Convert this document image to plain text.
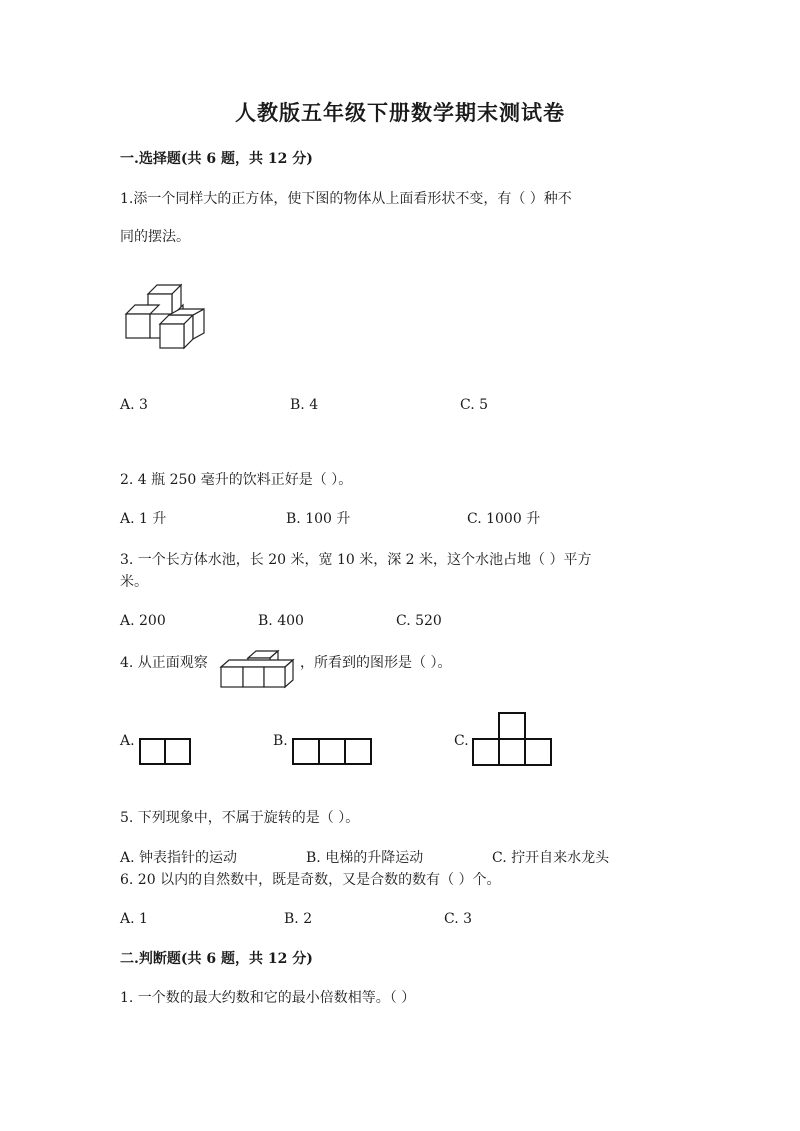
人教版五年级下册数学期末测试卷
一.选择题(共 6 题，共 12 分)
1.添一个同样大的正方体，使下图的物体从上面看形状不变，有（ ）种不
同的摆法。
A. 3	B. 4	C. 5
2. 4 瓶 250 毫升的饮料正好是（ ）。
A. 1 升	B. 100 升	C. 1000 升
3. 一个长方体水池，长 20 米，宽 10 米，深 2 米，这个水池占地（ ）平方
米。
A. 200	B. 400	C. 520
4. 从正面观察	，所看到的图形是（ ）。
A.	B.	C.
5. 下列现象中，不属于旋转的是（ ）。
A. 钟表指针的运动	B. 电梯的升降运动	C. 拧开自来水龙头
6. 20 以内的自然数中，既是奇数，又是合数的数有（ ）个。
A. 1	B. 2	C. 3
二.判断题(共 6 题，共 12 分)
1. 一个数的最大约数和它的最小倍数相等。（ ）
